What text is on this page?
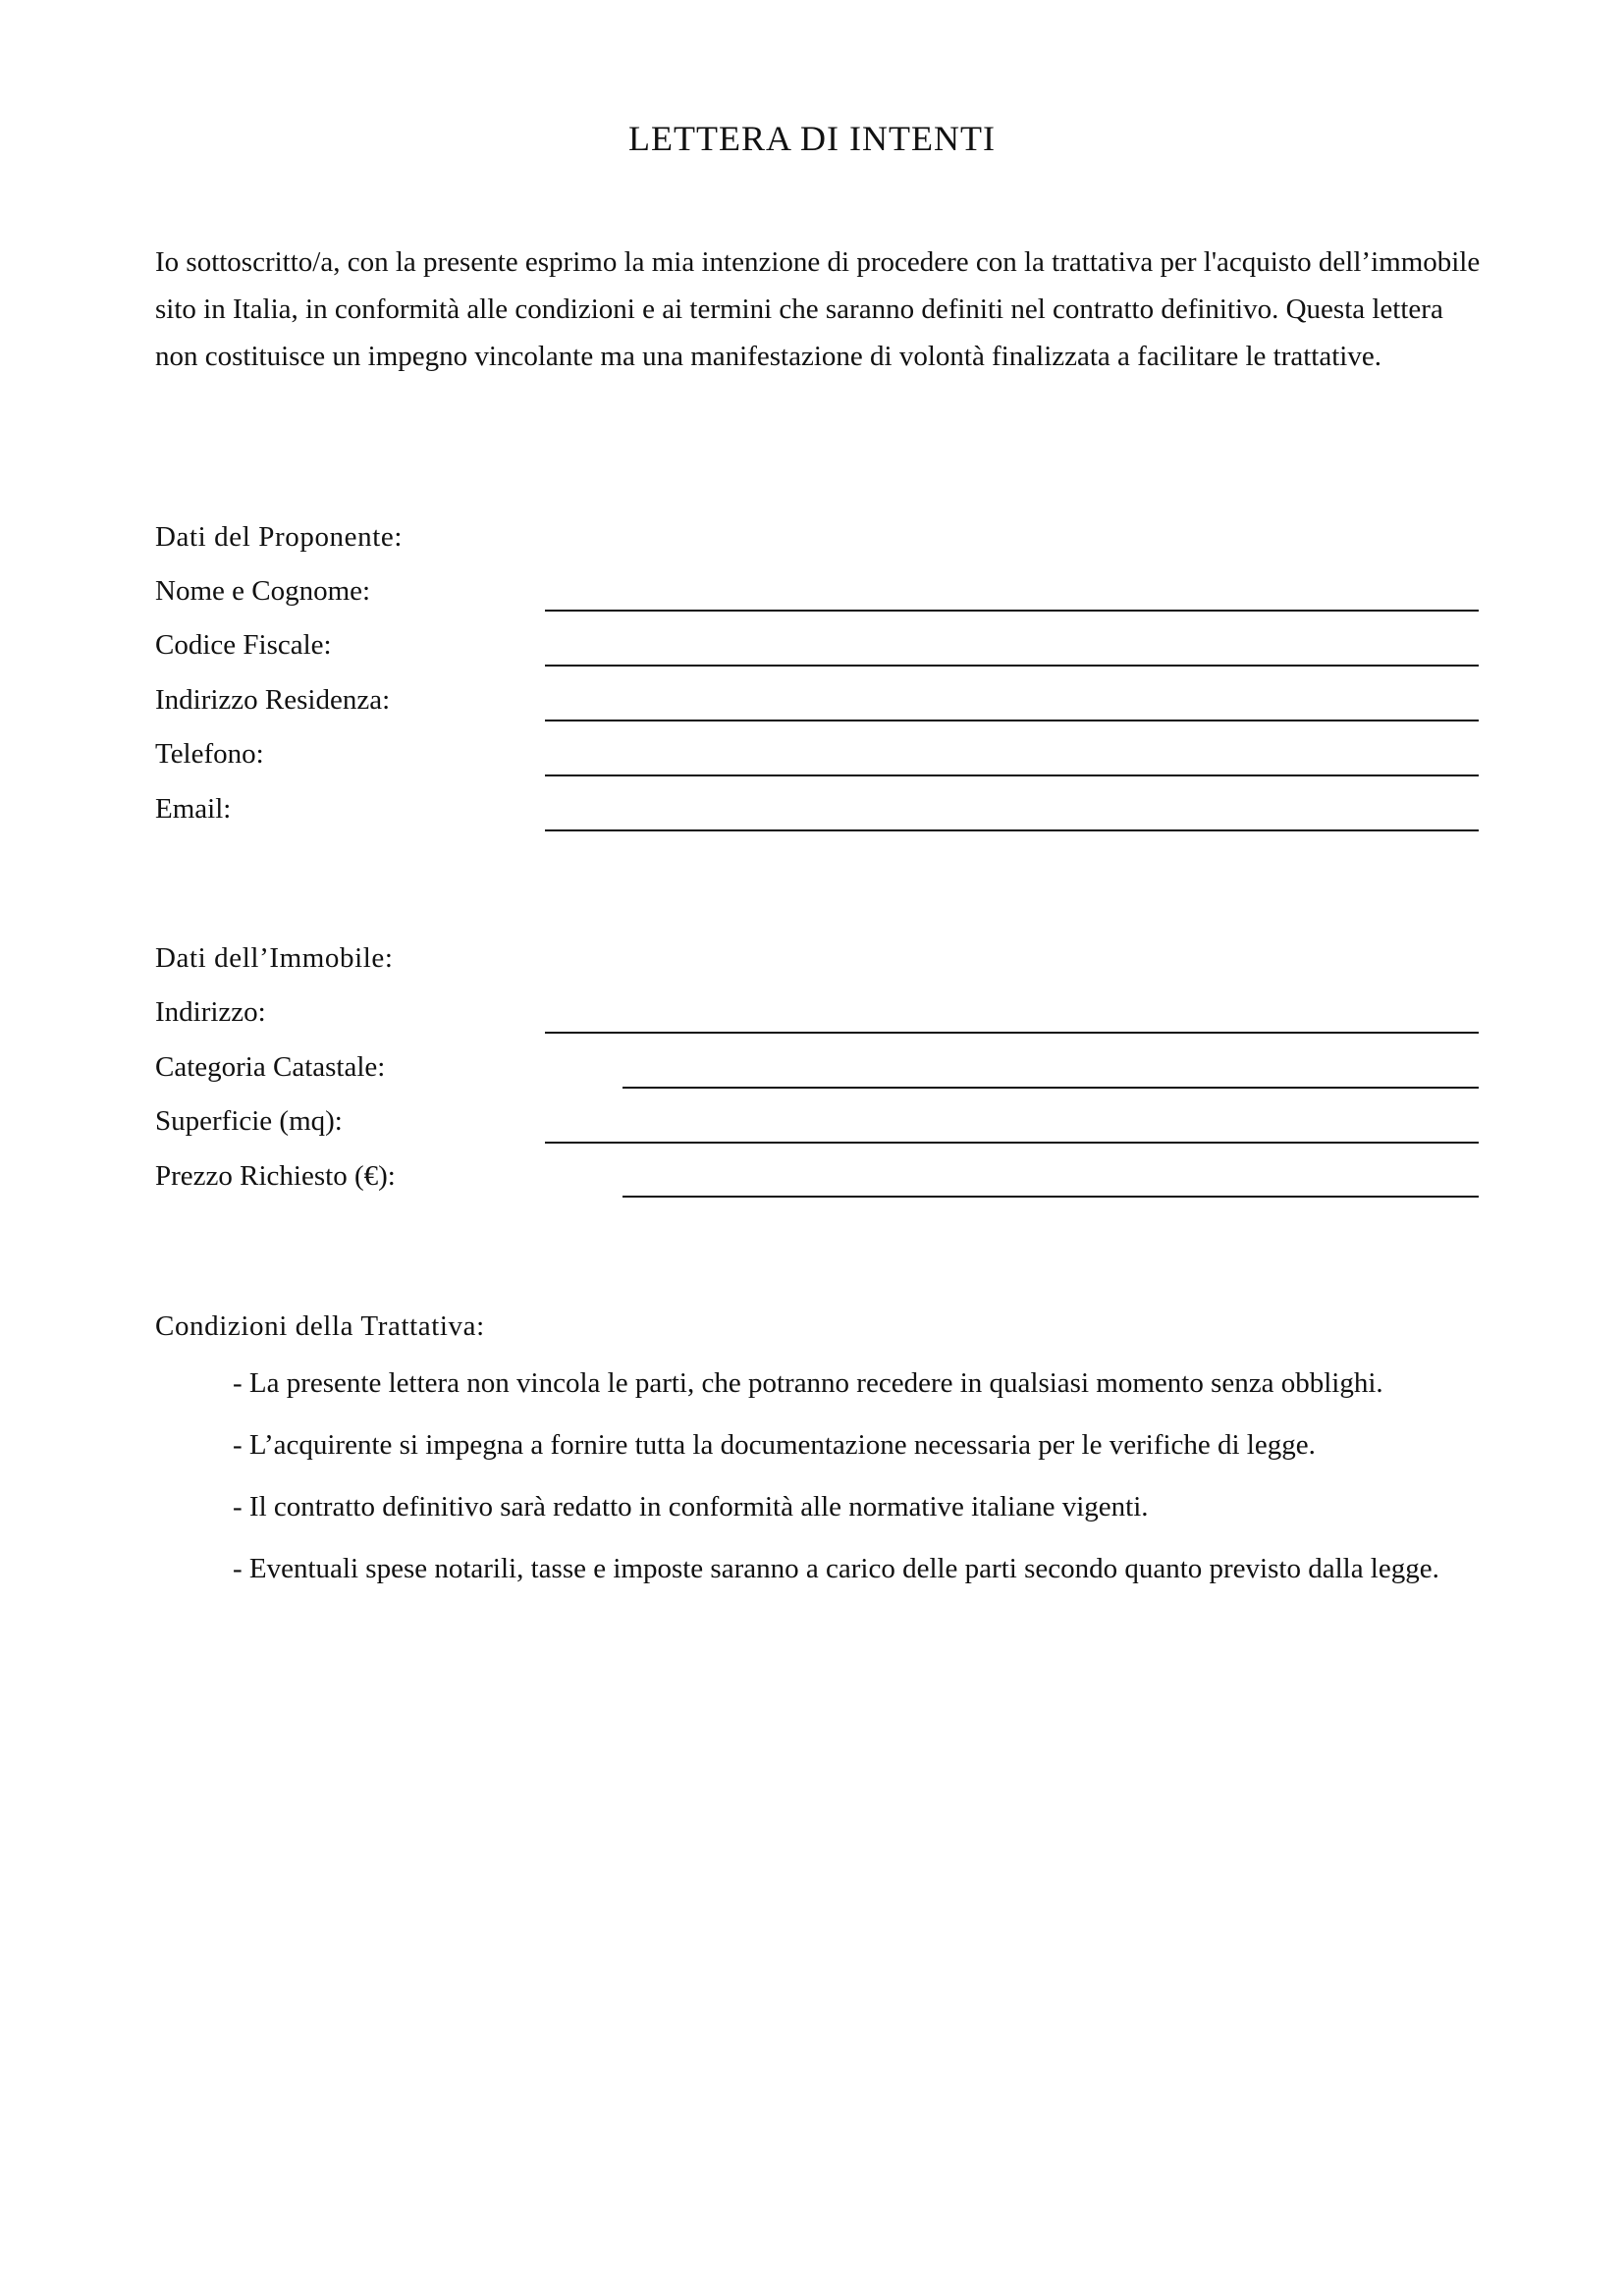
LETTERA DI INTENTI

Io sottoscritto/a, con la presente esprimo la mia intenzione di procedere con la trattativa per l'acquisto dell’immobile sito in Italia, in conformità alle condizioni e ai termini che saranno definiti nel contratto definitivo. Questa lettera non costituisce un impegno vincolante ma una manifestazione di volontà finalizzata a facilitare le trattative.

Dati del Proponente:
Nome e Cognome:
Codice Fiscale:
Indirizzo Residenza:
Telefono:
Email:
Dati dell’Immobile:
Indirizzo:
Categoria Catastale:
Superficie (mq):
Prezzo Richiesto (€):
Condizioni della Trattativa:

- La presente lettera non vincola le parti, che potranno recedere in qualsiasi momento senza obblighi.

- L’acquirente si impegna a fornire tutta la documentazione necessaria per le verifiche di legge.

- Il contratto definitivo sarà redatto in conformità alle normative italiane vigenti.

- Eventuali spese notarili, tasse e imposte saranno a carico delle parti secondo quanto previsto dalla legge.
